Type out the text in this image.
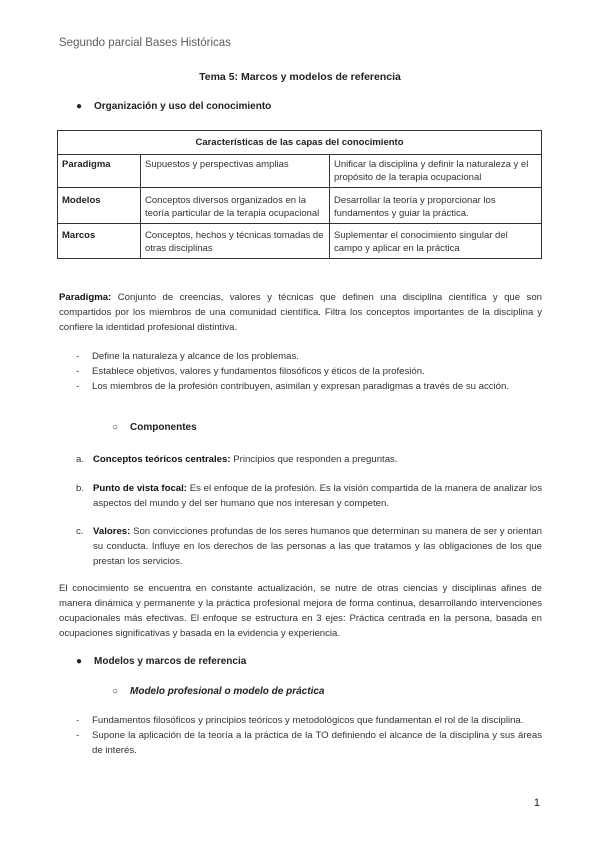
Segundo parcial Bases Históricas
Tema 5: Marcos y modelos de referencia
● Organización y uso del conocimiento
Características de las capas del conocimiento		
Paradigma	Supuestos y perspectivas amplias	Unificar la disciplina y definir la naturaleza y el propósito de la terapia ocupacional
Modelos	Conceptos diversos organizados en la teoría particular de la terapia ocupacional	Desarrollar la teoría y proporcionar los fundamentos y guiar la práctica.
Marcos	Conceptos, hechos y técnicas tomadas de otras disciplinas	Suplementar el conocimiento singular del campo y aplicar en la práctica
Paradigma: Conjunto de creencias, valores y técnicas que definen una disciplina científica y que son compartidos por los miembros de una comunidad científica. Filtra los conceptos importantes de la disciplina y confiere la identidad profesional distintiva.
- Define la naturaleza y alcance de los problemas.
- Establece objetivos, valores y fundamentos filosóficos y éticos de la profesión.
- Los miembros de la profesión contribuyen, asimilan y expresan paradigmas a través de su acción.
○ Componentes
a. Conceptos teóricos centrales: Principios que responden a preguntas.
b. Punto de vista focal: Es el enfoque de la profesión. Es la visión compartida de la manera de analizar los aspectos del mundo y del ser humano que nos interesan y competen.
c. Valores: Son convicciones profundas de los seres humanos que determinan su manera de ser y orientan su conducta. Influye en los derechos de las personas a las que tratamos y las obligaciones de los que prestan los servicios.
El conocimiento se encuentra en constante actualización, se nutre de otras ciencias y disciplinas afines de manera dinámica y permanente y la práctica profesional mejora de forma continua, desarrollando intervenciones ocupacionales más efectivas. El enfoque se estructura en 3 ejes: Práctica centrada en la persona, basada en ocupaciones significativas y basada en la evidencia y experiencia.
● Modelos y marcos de referencia
○ Modelo profesional o modelo de práctica
- Fundamentos filosóficos y principios teóricos y metodológicos que fundamentan el rol de la disciplina.
- Supone la aplicación de la teoría a la práctica de la TO definiendo el alcance de la disciplina y sus áreas de interés.
1
